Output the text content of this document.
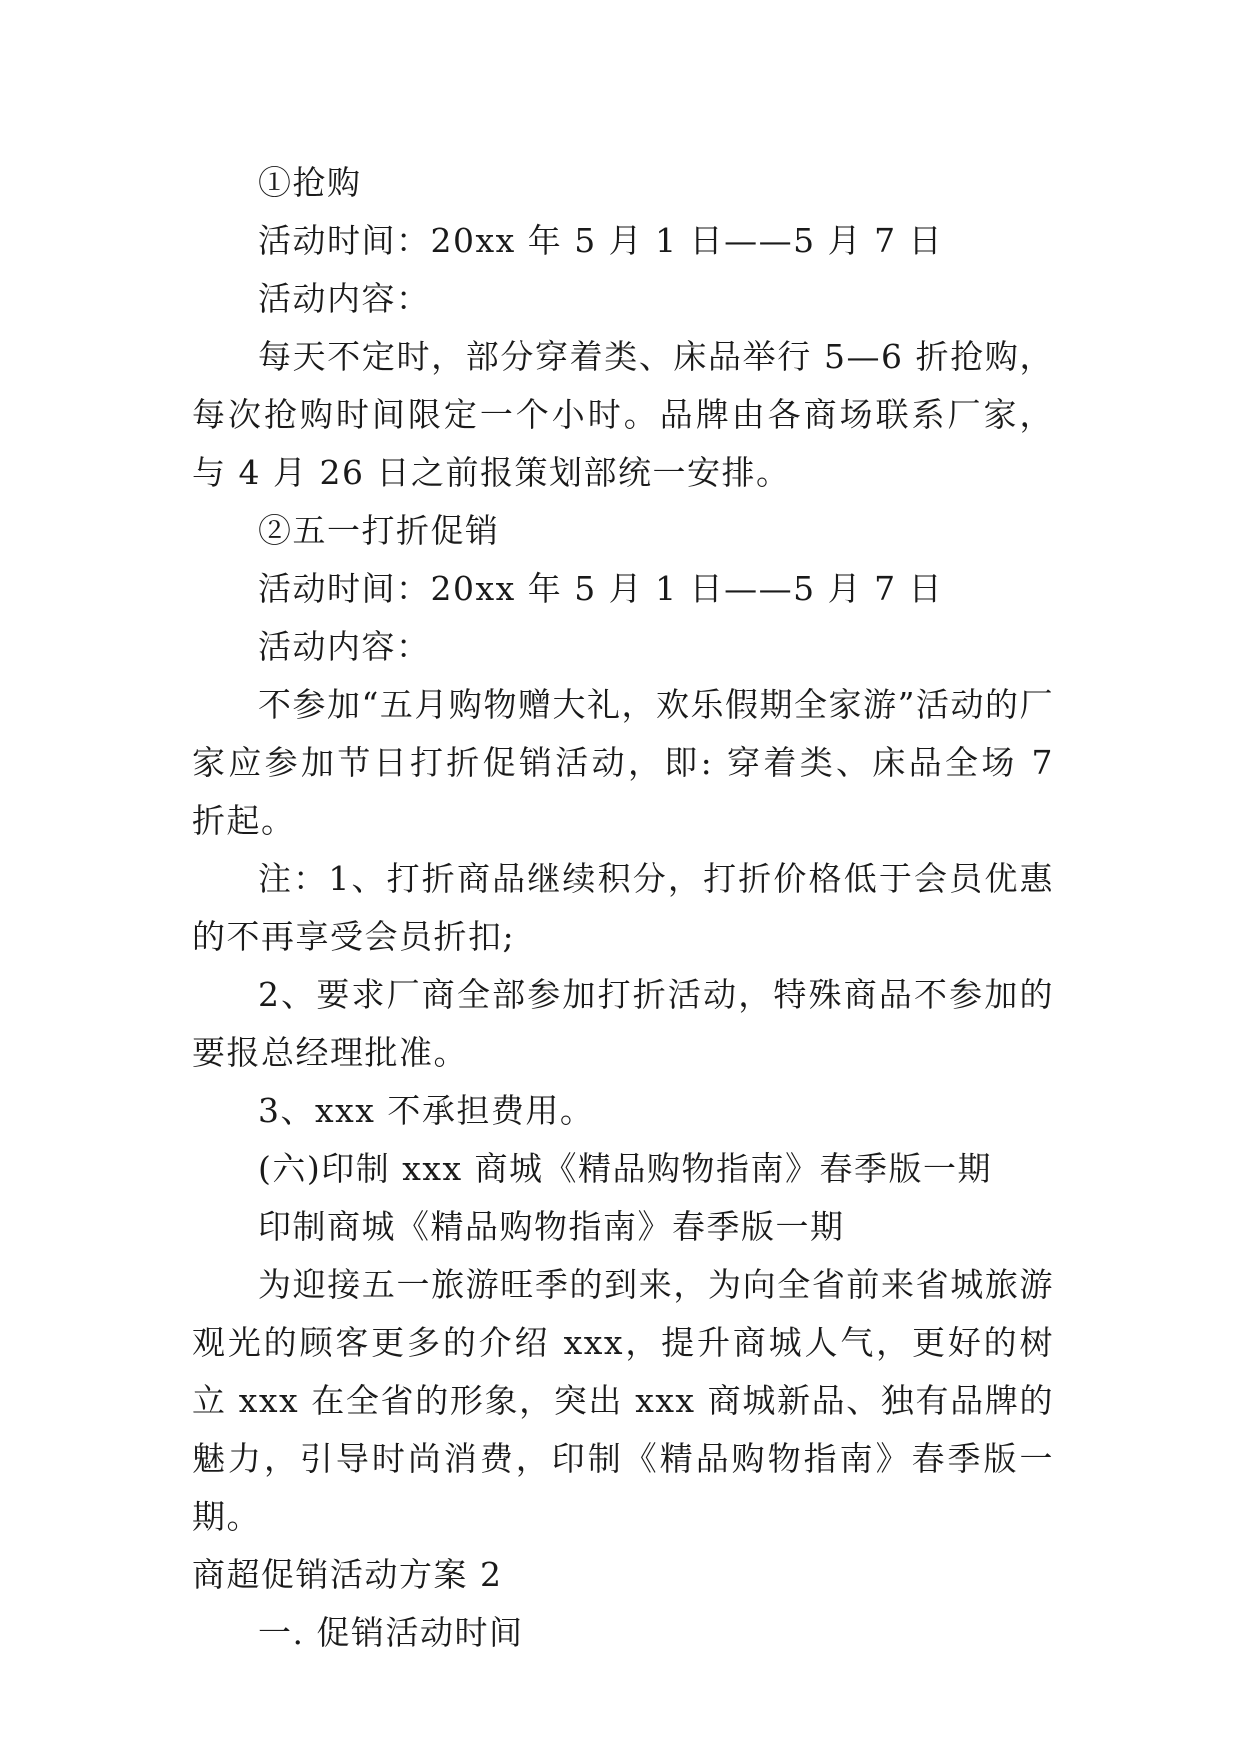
①抢购
活动时间：20xx 年 5 月 1 日——5 月 7 日
活动内容：

每天不定时，部分穿着类、床品举行 5—6 折抢购，每次抢购时间限定一个小时。品牌由各商场联系厂家，与 4 月 26 日之前报策划部统一安排。

②五一打折促销
活动时间：20xx 年 5 月 1 日——5 月 7 日
活动内容：

不参加“五月购物赠大礼，欢乐假期全家游”活动的厂家应参加节日打折促销活动，即: 穿着类、床品全场 7 折起。

注：1、打折商品继续积分，打折价格低于会员优惠的不再享受会员折扣;

2、要求厂商全部参加打折活动，特殊商品不参加的要报总经理批准。

3、xxx 不承担费用。
(六)印制 xxx 商城《精品购物指南》春季版一期
印制商城《精品购物指南》春季版一期

为迎接五一旅游旺季的到来，为向全省前来省城旅游观光的顾客更多的介绍 xxx，提升商城人气，更好的树立 xxx 在全省的形象，突出 xxx 商城新品、独有品牌的魅力，引导时尚消费，印制《精品购物指南》春季版一期。

商超促销活动方案 2
一. 促销活动时间
